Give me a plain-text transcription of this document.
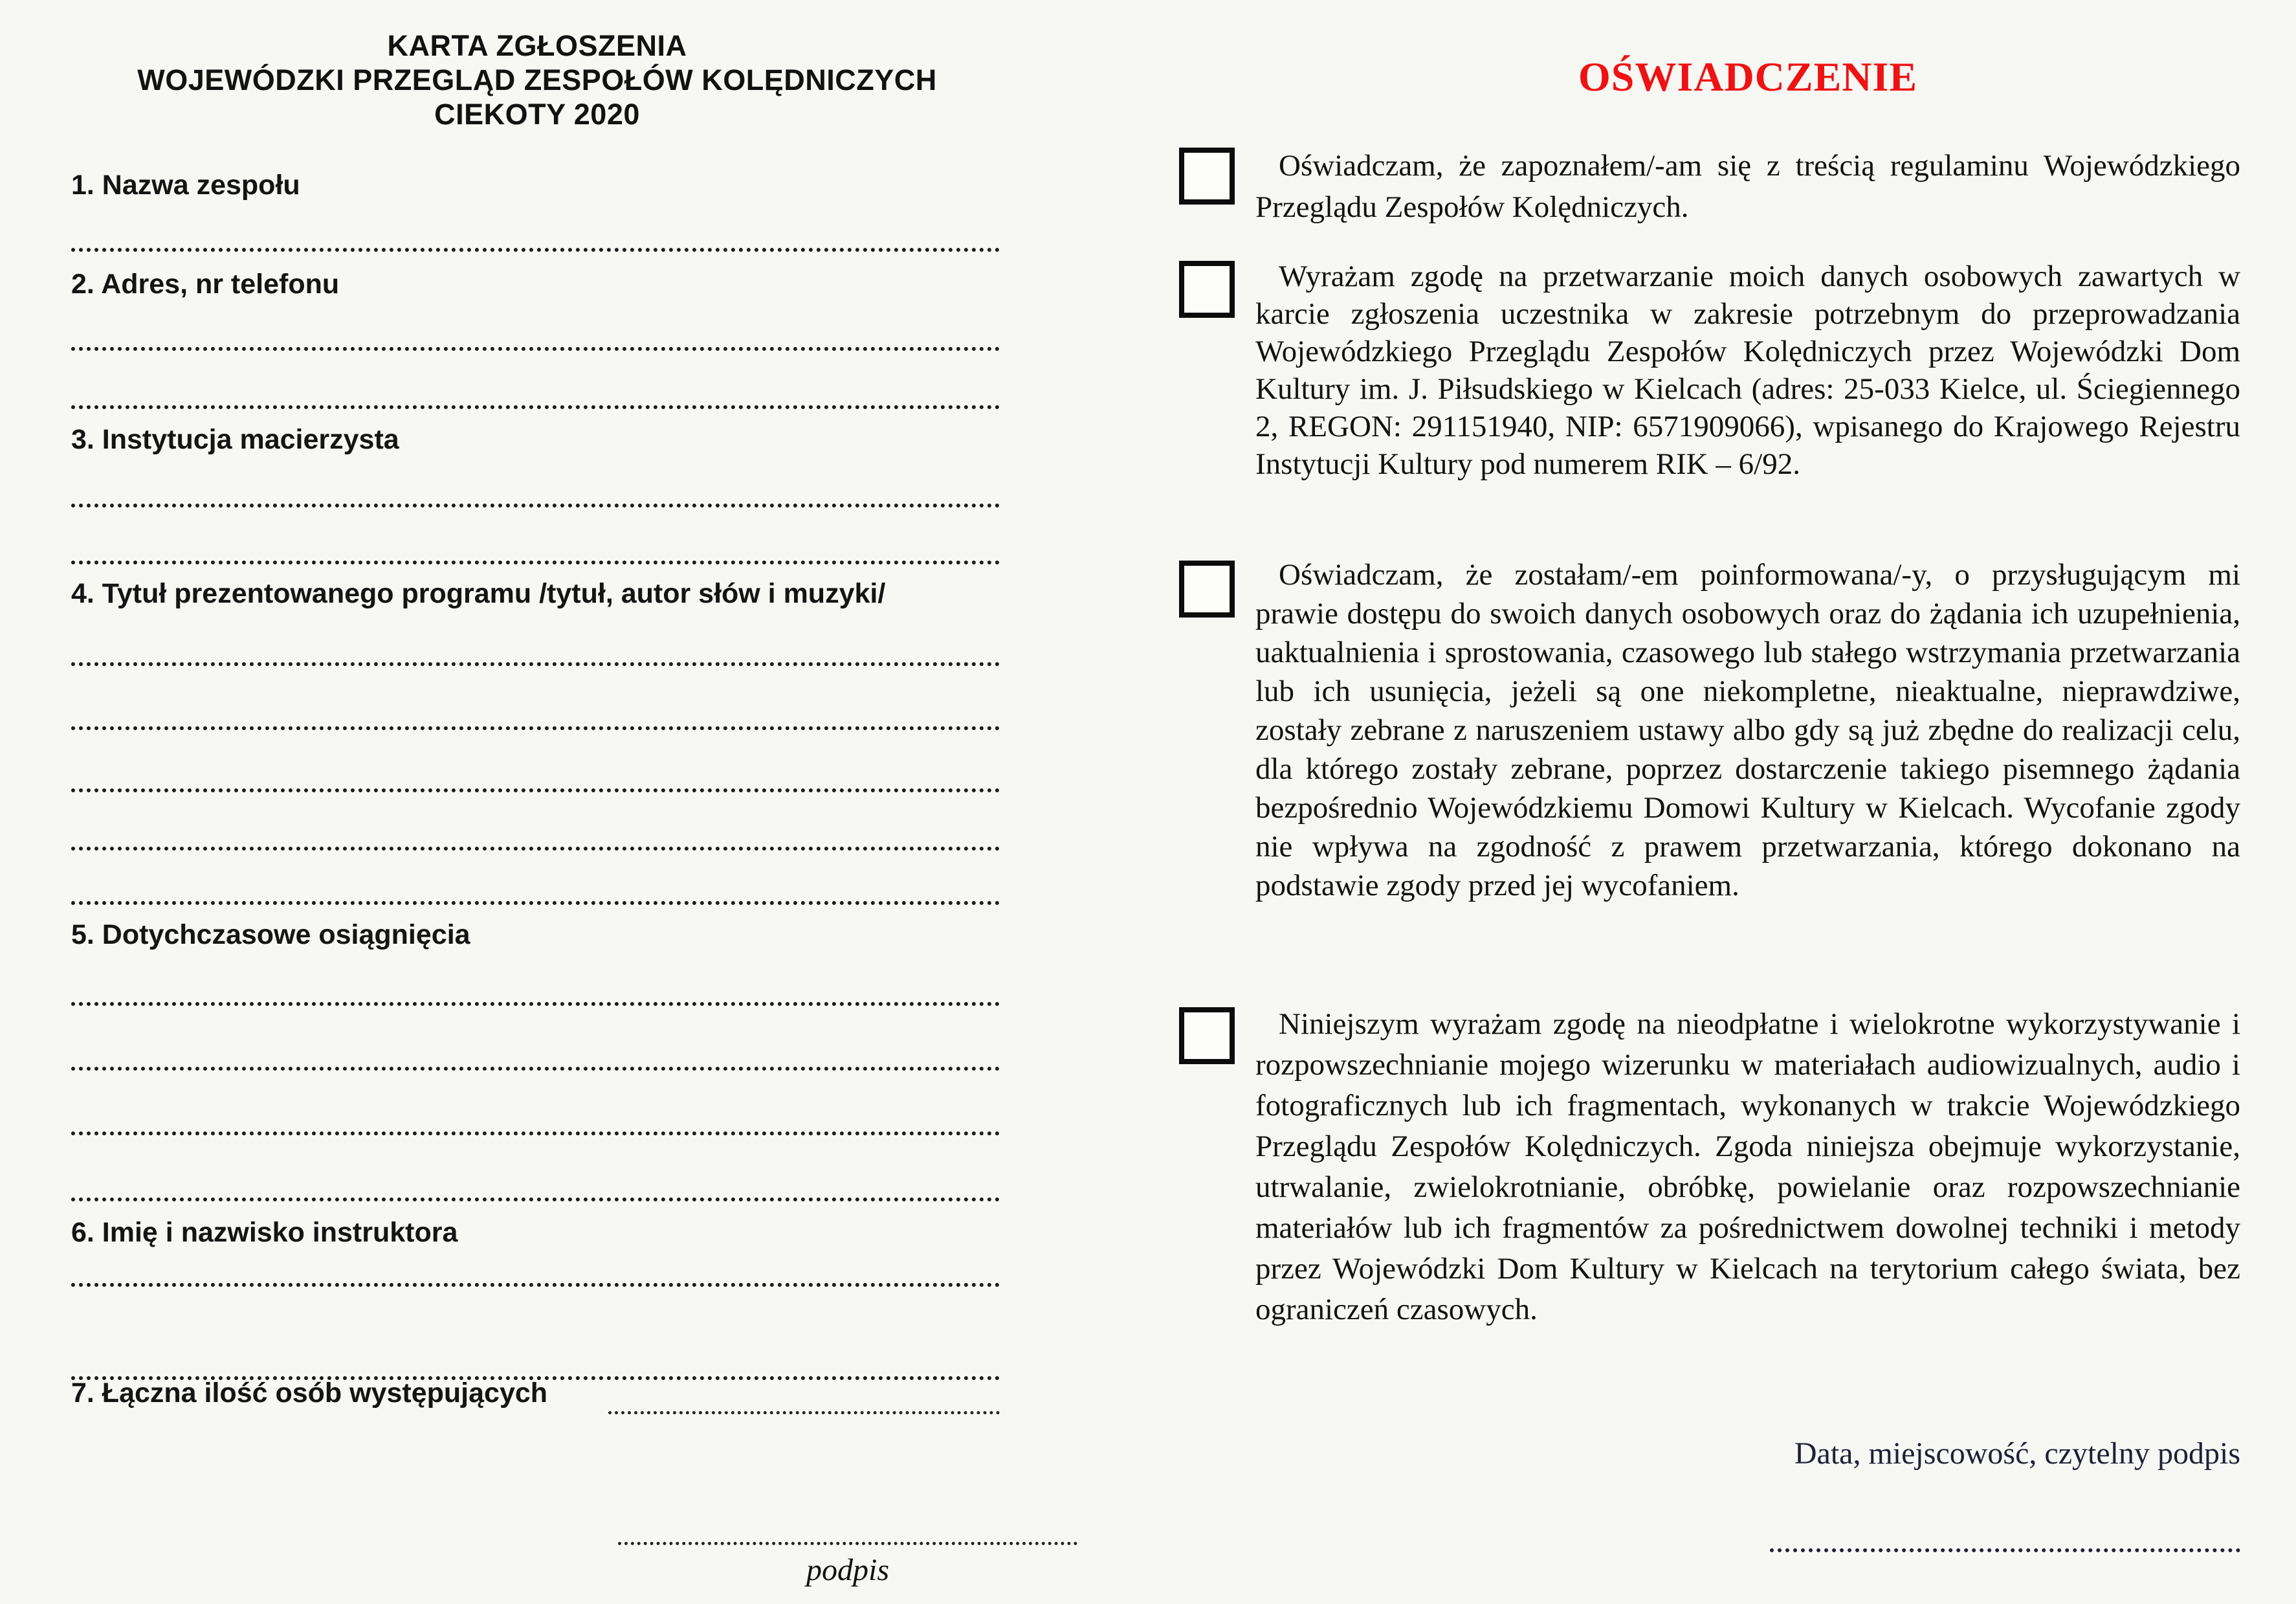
KARTA ZGŁOSZENIA
WOJEWÓDZKI PRZEGLĄD ZESPOŁÓW KOLĘDNICZYCH
CIEKOTY 2020
1. Nazwa zespołu
2. Adres, nr telefonu
3. Instytucja macierzysta
4. Tytuł prezentowanego programu /tytuł, autor słów i muzyki/
5. Dotychczasowe osiągnięcia
6. Imię i nazwisko instruktora
7. Łączna ilość osób występujących
podpis
OŚWIADCZENIE
Oświadczam, że zapoznałem/-am się z treścią regulaminu Wojewódzkiego Przeglądu Zespołów Kolędniczych.
Wyrażam zgodę na przetwarzanie moich danych osobowych zawartych w karcie zgłoszenia uczestnika w zakresie potrzebnym do przeprowadzania Wojewódzkiego Przeglądu Zespołów Kolędniczych przez Wojewódzki Dom Kultury im. J. Piłsudskiego w Kielcach (adres: 25-033 Kielce, ul. Ściegiennego 2, REGON: 291151940, NIP: 6571909066), wpisanego do Krajowego Rejestru Instytucji Kultury pod numerem RIK – 6/92.
Oświadczam, że zostałam/-em poinformowana/-y, o przysługującym mi prawie dostępu do swoich danych osobowych oraz do żądania ich uzupełnienia, uaktualnienia i sprostowania, czasowego lub stałego wstrzymania przetwarzania lub ich usunięcia, jeżeli są one niekompletne, nieaktualne, nieprawdziwe, zostały zebrane z naruszeniem ustawy albo gdy są już zbędne do realizacji celu, dla którego zostały zebrane, poprzez dostarczenie takiego pisemnego żądania bezpośrednio Wojewódzkiemu Domowi Kultury w Kielcach. Wycofanie zgody nie wpływa na zgodność z prawem przetwarzania, którego dokonano na podstawie zgody przed jej wycofaniem.
Niniejszym wyrażam zgodę na nieodpłatne i wielokrotne wykorzystywanie i rozpowszechnianie mojego wizerunku w materiałach audiowizualnych, audio i fotograficznych lub ich fragmentach, wykonanych w trakcie Wojewódzkiego Przeglądu Zespołów Kolędniczych. Zgoda niniejsza obejmuje wykorzystanie, utrwalanie, zwielokrotnianie, obróbkę, powielanie oraz rozpowszechnianie materiałów lub ich fragmentów za pośrednictwem dowolnej techniki i metody przez Wojewódzki Dom Kultury w Kielcach na terytorium całego świata, bez ograniczeń czasowych.
Data, miejscowość, czytelny podpis
